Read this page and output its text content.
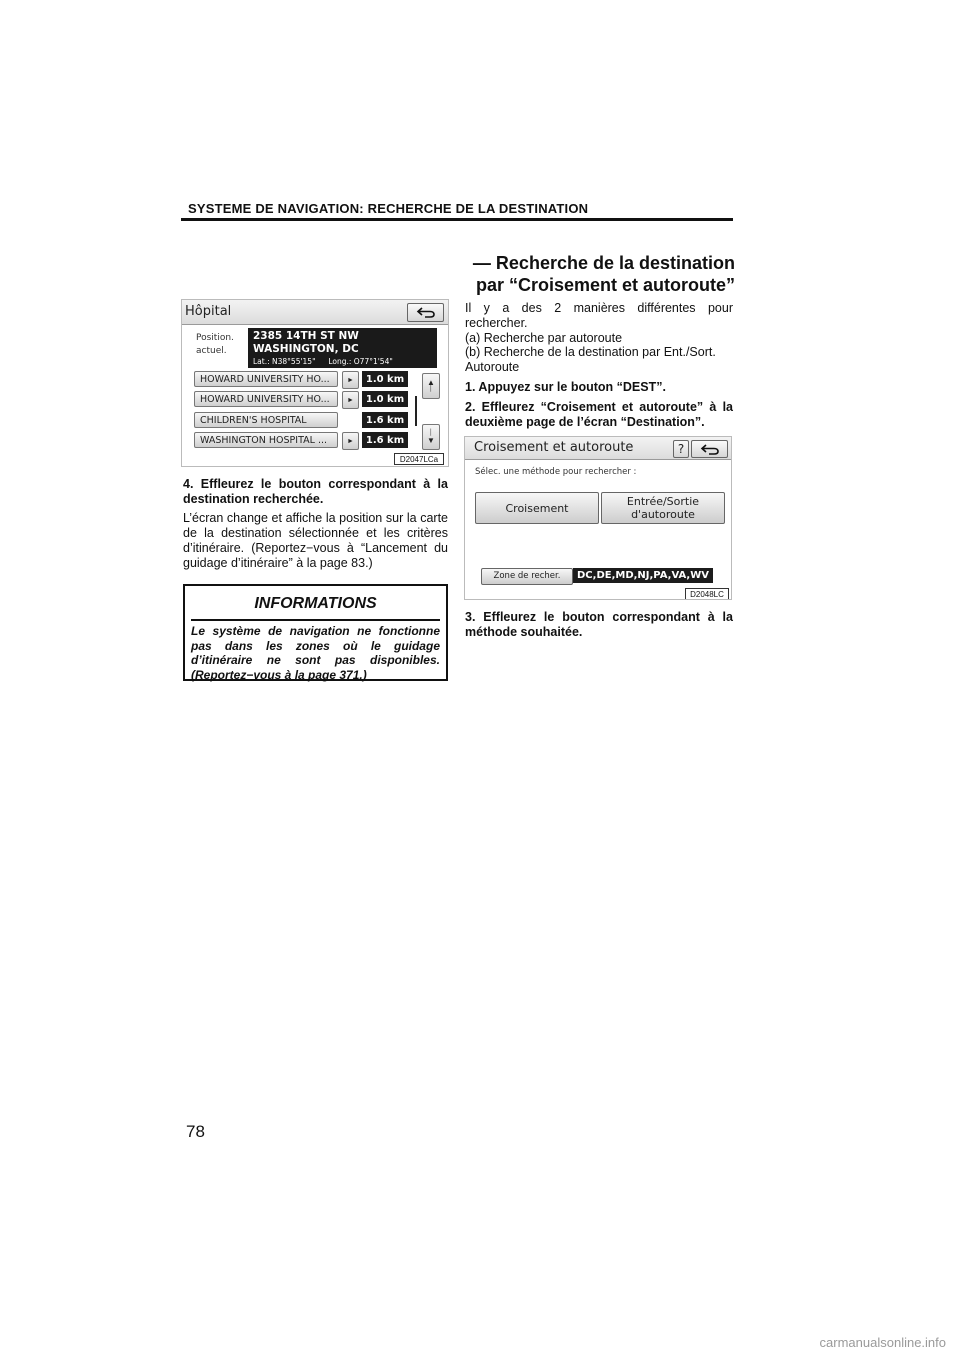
SYSTEME DE NAVIGATION: RECHERCHE DE LA DESTINATION
— Recherche de la destination
par “Croisement et autoroute”
Hôpital
Position.
actuel.
2385 14TH ST NW
WASHINGTON, DC
Lat.: N38°55'15" Long.: O77°1'54"
HOWARD UNIVERSITY HO...	►	1.0 km
HOWARD UNIVERSITY HO...	►	1.0 km
CHILDREN'S HOSPITAL	1.6 km
WASHINGTON HOSPITAL ...	►	1.6 km
▲
│
│
▼
D2047LCa
4. Effleurez le bouton correspondant à la destination recherchée.
L’écran change et affiche la position sur la carte de la destination sélectionnée et les critères d’itinéraire. (Reportez−vous à “Lancement du guidage d’itinéraire” à la page 83.)
INFORMATIONS
Le système de navigation ne fonctionne pas dans les zones où le guidage d’itinéraire ne sont pas disponibles. (Reportez−vous à la page 371.)
Il y a des 2 manières différentes pour rechercher.
(a) Recherche par autoroute
(b) Recherche de la destination par Ent./Sort. Autoroute
1. Appuyez sur le bouton “DEST”.
2. Effleurez “Croisement et autoroute” à la deuxième page de l’écran “Destination”.
Croisement et autoroute	?
Sélec. une méthode pour rechercher :
Croisement	Entrée/Sortie
d'autoroute
Zone de recher.	DC,DE,MD,NJ,PA,VA,WV
D2048LC
3. Effleurez le bouton correspondant à la méthode souhaitée.
78
carmanualsonline.info
